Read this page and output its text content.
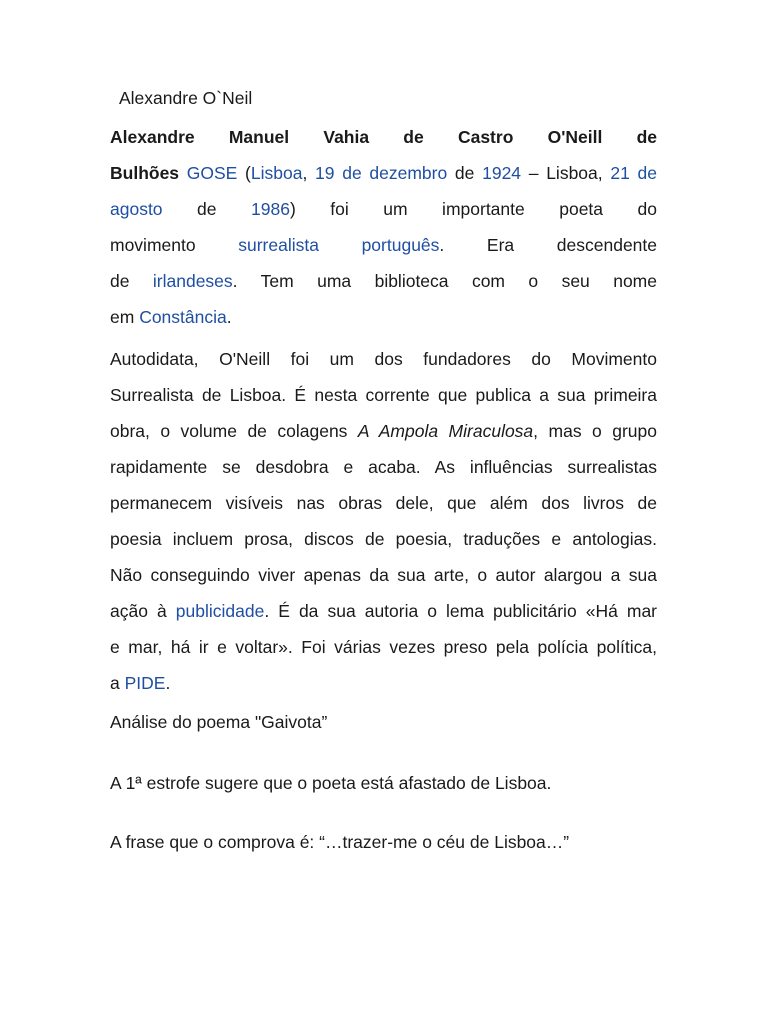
Alexandre O`Neil
Alexandre Manuel Vahia de Castro O'Neill de
Bulhões GOSE (Lisboa, 19 de dezembro de 1924 – Lisboa, 21 de
agosto de 1986) foi um importante poeta do
movimento surrealista português. Era descendente
de irlandeses. Tem uma biblioteca com o seu nome
em Constância.
Autodidata, O'Neill foi um dos fundadores do Movimento
Surrealista de Lisboa. É nesta corrente que publica a sua primeira
obra, o volume de colagens A Ampola Miraculosa, mas o grupo
rapidamente se desdobra e acaba. As influências surrealistas
permanecem visíveis nas obras dele, que além dos livros de
poesia incluem prosa, discos de poesia, traduções e antologias.
Não conseguindo viver apenas da sua arte, o autor alargou a sua
ação à publicidade. É da sua autoria o lema publicitário «Há mar
e mar, há ir e voltar». Foi várias vezes preso pela polícia política,
a PIDE.
Análise do poema "Gaivota”
A 1ª estrofe sugere que o poeta está afastado de Lisboa.
A frase que o comprova é: “…trazer-me o céu de Lisboa…”
